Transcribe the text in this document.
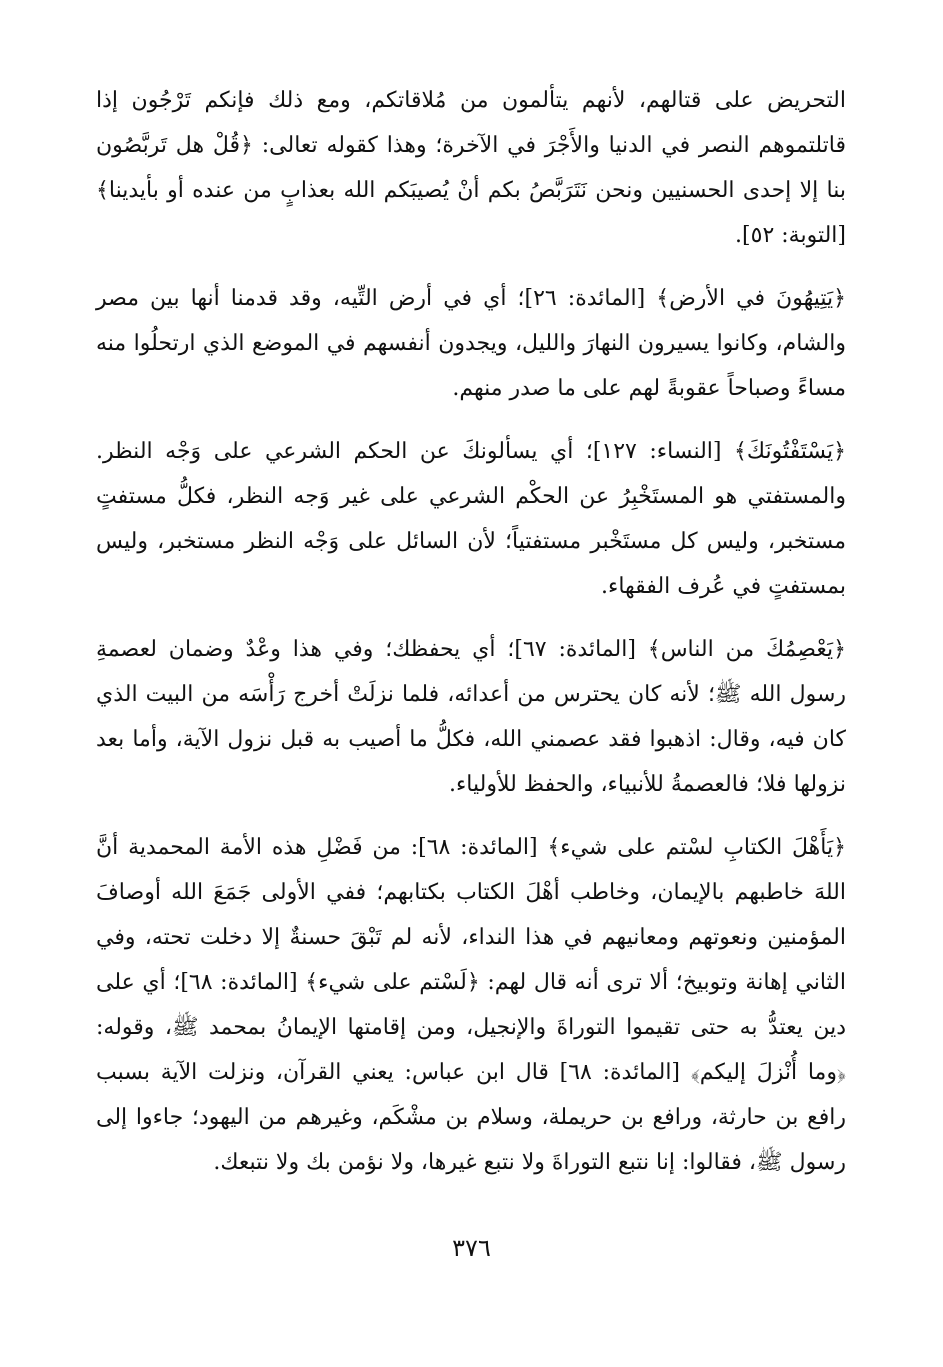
التحريض على قتالهم، لأنهم يتألمون من مُلاقاتكم، ومع ذلك فإنكم تَرْجُون إذا قاتلتموهم النصر في الدنيا والأَجْرَ في الآخرة؛ وهذا كقوله تعالى: ﴿قُلْ هل تَربَّصُون بنا إلا إحدى الحسنيين ونحن نَتَرَبَّصُ بكم أنْ يُصيبَكم الله بعذابٍ من عنده أو بأيدينا﴾ [التوبة: ٥٢].

﴿يَتِيهُونَ في الأرض﴾ [المائدة: ٢٦]؛ أي في أرض التِّيه، وقد قدمنا أنها بين مصر والشام، وكانوا يسيرون النهارَ والليل، ويجدون أنفسهم في الموضع الذي ارتحلُوا منه مساءً وصباحاً عقوبةً لهم على ما صدر منهم.

﴿يَسْتَفْتُونَكَ﴾ [النساء: ١٢٧]؛ أي يسألونكَ عن الحكم الشرعي على وَجْه النظر. والمستفتي هو المستَخْبِرُ عن الحكْم الشرعي على غير وَجه النظر، فكلُّ مستفتٍ مستخبر، وليس كل مستَخْبر مستفتياً؛ لأن السائل على وَجْه النظر مستخبر، وليس بمستفتٍ في عُرف الفقهاء.

﴿يَعْصِمُكَ من الناس﴾ [المائدة: ٦٧]؛ أي يحفظك؛ وفي هذا وعْدٌ وضمان لعصمةِ رسول الله ﷺ؛ لأنه كان يحترس من أعدائه، فلما نزلَتْ أخرج رَأْسَه من البيت الذي كان فيه، وقال: اذهبوا فقد عصمني الله، فكلُّ ما أصيب به قبل نزول الآية، وأما بعد نزولها فلا؛ فالعصمةُ للأنبياء، والحفظ للأولياء.

﴿يَأَهْلَ الكتابِ لسْتم على شيء﴾ [المائدة: ٦٨]: من فَضْلِ هذه الأمة المحمدية أنَّ اللهَ خاطبهم بالإيمان، وخاطب أهْلَ الكتاب بكتابهم؛ ففي الأولى جَمَعَ الله أوصافَ المؤمنين ونعوتهم ومعانيهم في هذا النداء، لأنه لم تَبْقَ حسنةٌ إلا دخلت تحته، وفي الثاني إهانة وتوبيخ؛ ألا ترى أنه قال لهم: ﴿لَسْتم على شيء﴾ [المائدة: ٦٨]؛ أي على دين يعتدُّ به حتى تقيموا التوراةَ والإنجيل، ومن إقامتها الإيمانُ بمحمد ﷺ، وقوله: ﴿وما أُنْزلَ إليكم﴾ [المائدة: ٦٨] قال ابن عباس: يعني القرآن، ونزلت الآية بسبب رافع بن حارثة، ورافع بن حريملة، وسلام بن مشْكَم، وغيرهم من اليهود؛ جاءوا إلى رسول ﷺ، فقالوا: إنا نتبع التوراةَ ولا نتبع غيرها، ولا نؤمن بك ولا نتبعك.

٣٧٦
